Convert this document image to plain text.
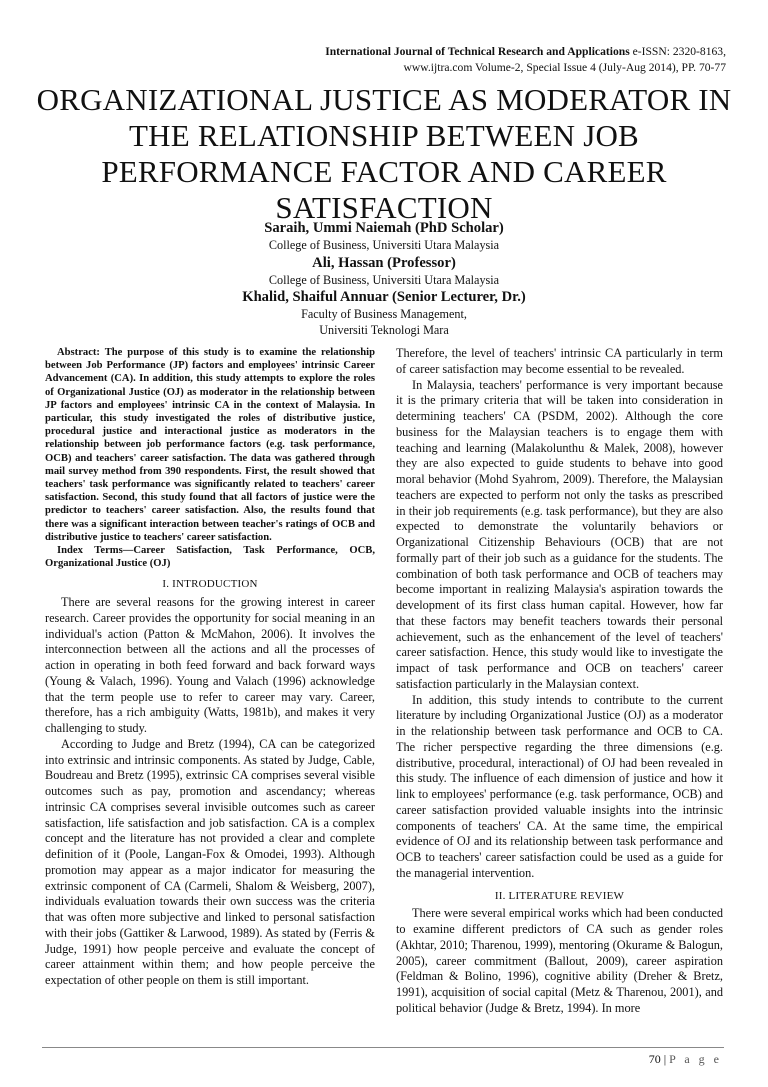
International Journal of Technical Research and Applications e-ISSN: 2320-8163,
www.ijtra.com Volume-2, Special Issue 4 (July-Aug 2014), PP. 70-77
ORGANIZATIONAL JUSTICE AS MODERATOR IN THE RELATIONSHIP BETWEEN JOB PERFORMANCE FACTOR AND CAREER SATISFACTION
Saraih, Ummi Naiemah (PhD Scholar)
College of Business, Universiti Utara Malaysia
Ali, Hassan (Professor)
College of Business, Universiti Utara Malaysia
Khalid, Shaiful Annuar (Senior Lecturer, Dr.)
Faculty of Business Management,
Universiti Teknologi Mara

Abstract: The purpose of this study is to examine the relationship between Job Performance (JP) factors and employees' intrinsic Career Advancement (CA). In addition, this study attempts to explore the roles of Organizational Justice (OJ) as moderator in the relationship between JP factors and employees' intrinsic CA in the context of Malaysia. In particular, this study investigated the roles of distributive justice, procedural justice and interactional justice as moderators in the relationship between job performance factors (e.g. task performance, OCB) and teachers' career satisfaction. The data was gathered through mail survey method from 390 respondents. First, the result showed that teachers' task performance was significantly related to teachers' career satisfaction. Second, this study found that all factors of justice were the predictor to teachers' career satisfaction. Also, the results found that there was a significant interaction between teacher's ratings of OCB and distributive justice to teachers' career satisfaction.

Index Terms—Career Satisfaction, Task Performance, OCB, Organizational Justice (OJ)

I. INTRODUCTION

There are several reasons for the growing interest in career research. Career provides the opportunity for social meaning in an individual's action (Patton & McMahon, 2006). It involves the interconnection between all the actions and all the processes of action in operating in both feed forward and back forward ways (Young & Valach, 1996). Young and Valach (1996) acknowledge that the term people use to refer to career may vary. Career, therefore, has a rich ambiguity (Watts, 1981b), and makes it very challenging to study.

According to Judge and Bretz (1994), CA can be categorized into extrinsic and intrinsic components. As stated by Judge, Cable, Boudreau and Bretz (1995), extrinsic CA comprises several visible outcomes such as pay, promotion and ascendancy; whereas intrinsic CA comprises several invisible outcomes such as career satisfaction, life satisfaction and job satisfaction. CA is a complex concept and the literature has not provided a clear and complete definition of it (Poole, Langan-Fox & Omodei, 1993). Although promotion may appear as a major indicator for measuring the extrinsic component of CA (Carmeli, Shalom & Weisberg, 2007), individuals evaluation towards their own success was the criteria that was often more subjective and linked to personal satisfaction with their jobs (Gattiker & Larwood, 1989). As stated by (Ferris & Judge, 1991) how people perceive and evaluate the concept of career attainment within them; and how people perceive the expectation of other people on them is still important.

Therefore, the level of teachers' intrinsic CA particularly in term of career satisfaction may become essential to be revealed.

In Malaysia, teachers' performance is very important because it is the primary criteria that will be taken into consideration in determining teachers' CA (PSDM, 2002). Although the core business for the Malaysian teachers is to engage them with teaching and learning (Malakolunthu & Malek, 2008), however they are also expected to guide students to behave into good moral behavior (Mohd Syahrom, 2009). Therefore, the Malaysian teachers are expected to perform not only the tasks as prescribed in their job requirements (e.g. task performance), but they are also expected to demonstrate the voluntarily behaviors or Organizational Citizenship Behaviours (OCB) that are not formally part of their job such as a guidance for the students. The combination of both task performance and OCB of teachers may become important in realizing Malaysia's aspiration towards the development of its first class human capital. However, how far that these factors may benefit teachers towards their personal achievement, such as the enhancement of the level of teachers' career satisfaction. Hence, this study would like to investigate the impact of task performance and OCB on teachers' career satisfaction particularly in the Malaysian context.

In addition, this study intends to contribute to the current literature by including Organizational Justice (OJ) as a moderator in the relationship between task performance and OCB to CA. The richer perspective regarding the three dimensions (e.g. distributive, procedural, interactional) of OJ had been revealed in this study. The influence of each dimension of justice and how it link to employees' performance (e.g. task performance, OCB) and career satisfaction provided valuable insights into the intrinsic components of teachers' CA. At the same time, the empirical evidence of OJ and its relationship between task performance and OCB to teachers' career satisfaction could be used as a guide for the managerial intervention.

II. LITERATURE REVIEW

There were several empirical works which had been conducted to examine different predictors of CA such as gender roles (Akhtar, 2010; Tharenou, 1999), mentoring (Okurame & Balogun, 2005), career commitment (Ballout, 2009), career aspiration (Feldman & Bolino, 1996), cognitive ability (Dreher & Bretz, 1991), acquisition of social capital (Metz & Tharenou, 2001), and political behavior (Judge & Bretz, 1994). In more

70 | P a g e
